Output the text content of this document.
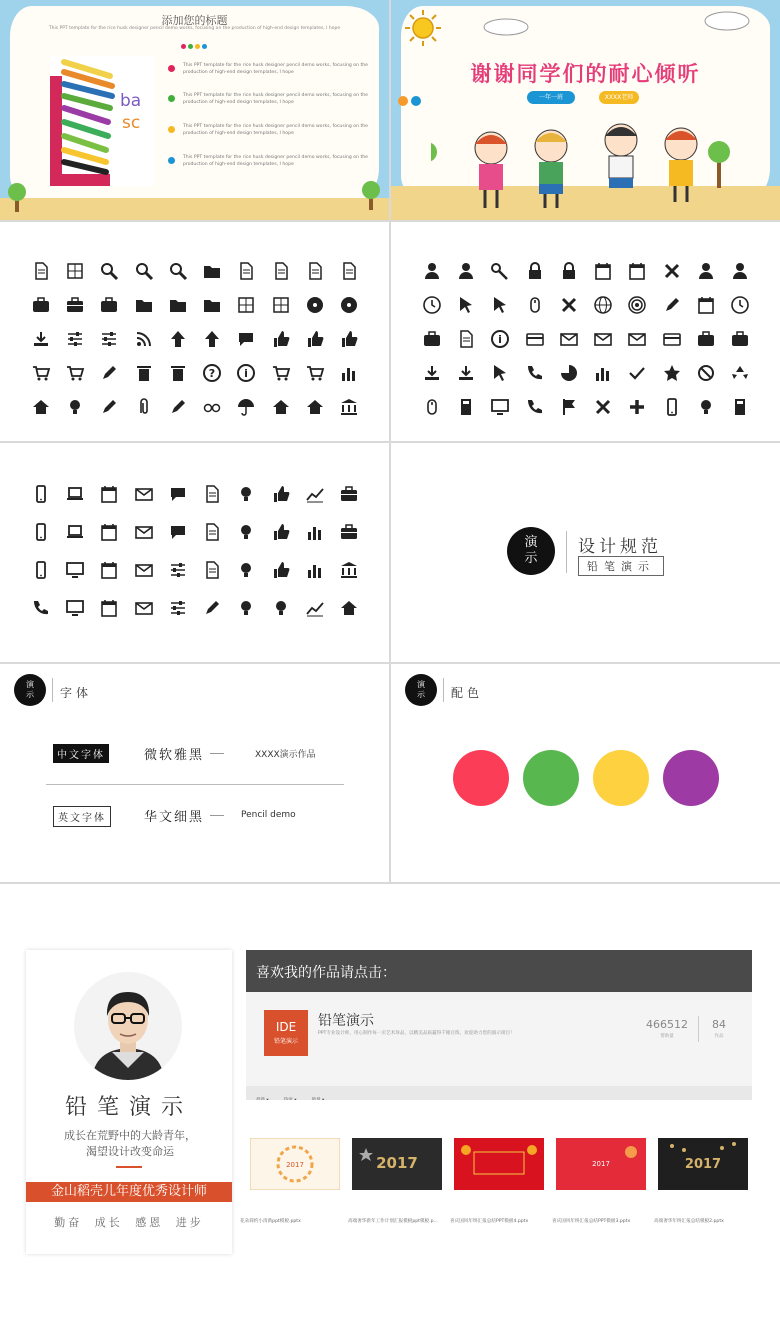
添加您的标题
This PPT template for the rice husk designer pencil demo works, focusing on the production of high-end design templates, I hope
ba
sc

This PPT template for the rice husk designer pencil demo works, focusing on the production of high-end design templates, I hope

This PPT template for the rice husk designer pencil demo works, focusing on the production of high-end design templates, I hope

This PPT template for the rice husk designer pencil demo works, focusing on the production of high-end design templates, I hope

This PPT template for the rice husk designer pencil demo works, focusing on the production of high-end design templates, I hope

谢谢同学们的耐心倾听
一年一班	XXXX老师
?	i
i
演
示
设计规范
铅笔演示
演
示 字体
中文字体	微软雅黑	XXXX演示作品
英文字体	华文细黑	Pencil demo
演
示 配色
铅笔演示
成长在荒野中的大龄青年，渴望设计改变命运
金山稻壳儿年度优秀设计师
勤奋 成长 感恩 进步
喜欢我的作品请点击：
IDE
铅笔演示
铅笔演示
PPT专业设计师，用心制作每一页艺术珍品，以精美品质赢得千锤百炼，欢迎助力您的演示项目！
466512
帮助量
84
作品

2017	2017	2017	2017
花朵简约小清新ppt模板.pptx	高端奢华新年工作计划汇报模板ppt模板.p...	喜庆国风年终汇报总结PPT模板4.pptx	喜庆国风年终汇报总结PPT模板3.pptx	高端奢华年终汇报总结模板2.pptx
